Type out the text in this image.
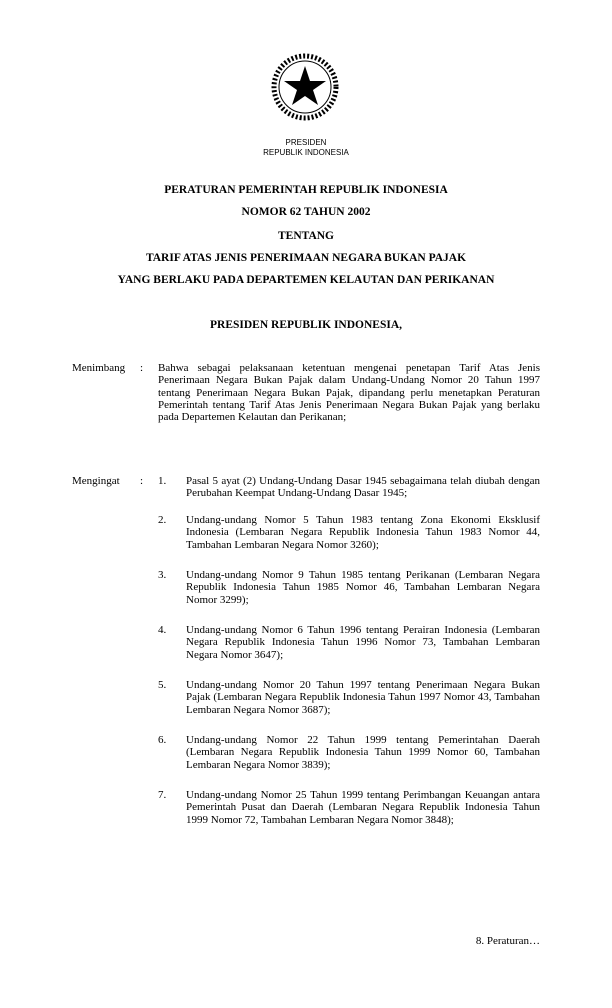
PRESIDEN
REPUBLIK INDONESIA
PERATURAN PEMERINTAH REPUBLIK INDONESIA
NOMOR 62 TAHUN 2002
TENTANG
TARIF ATAS JENIS PENERIMAAN NEGARA BUKAN PAJAK
YANG BERLAKU PADA DEPARTEMEN KELAUTAN DAN PERIKANAN
PRESIDEN REPUBLIK INDONESIA,
Menimbang : Bahwa sebagai pelaksanaan ketentuan mengenai penetapan Tarif Atas Jenis Penerimaan Negara Bukan Pajak dalam Undang-Undang Nomor 20 Tahun 1997 tentang Penerimaan Negara Bukan Pajak, dipandang perlu menetapkan Peraturan Pemerintah tentang Tarif Atas Jenis Penerimaan Negara Bukan Pajak yang berlaku pada Departemen Kelautan dan Perikanan;
Mengingat : 1. Pasal 5 ayat (2) Undang-Undang Dasar 1945 sebagaimana telah diubah dengan Perubahan Keempat Undang-Undang Dasar 1945;
2. Undang-undang Nomor 5 Tahun 1983 tentang Zona Ekonomi Eksklusif Indonesia (Lembaran Negara Republik Indonesia Tahun 1983 Nomor 44, Tambahan Lembaran Negara Nomor 3260);
3. Undang-undang Nomor 9 Tahun 1985 tentang Perikanan (Lembaran Negara Republik Indonesia Tahun 1985 Nomor 46, Tambahan Lembaran Negara Nomor 3299);
4. Undang-undang Nomor 6 Tahun 1996 tentang Perairan Indonesia (Lembaran Negara Republik Indonesia Tahun 1996 Nomor 73, Tambahan Lembaran Negara Nomor 3647);
5. Undang-undang Nomor 20 Tahun 1997 tentang Penerimaan Negara Bukan Pajak (Lembaran Negara Republik Indonesia Tahun 1997 Nomor 43, Tambahan Lembaran Negara Nomor 3687);
6. Undang-undang Nomor 22 Tahun 1999 tentang Pemerintahan Daerah (Lembaran Negara Republik Indonesia Tahun 1999 Nomor 60, Tambahan Lembaran Negara Nomor 3839);
7. Undang-undang Nomor 25 Tahun 1999 tentang Perimbangan Keuangan antara Pemerintah Pusat dan Daerah (Lembaran Negara Republik Indonesia Tahun 1999 Nomor 72, Tambahan Lembaran Negara Nomor 3848);
8. Peraturan…
